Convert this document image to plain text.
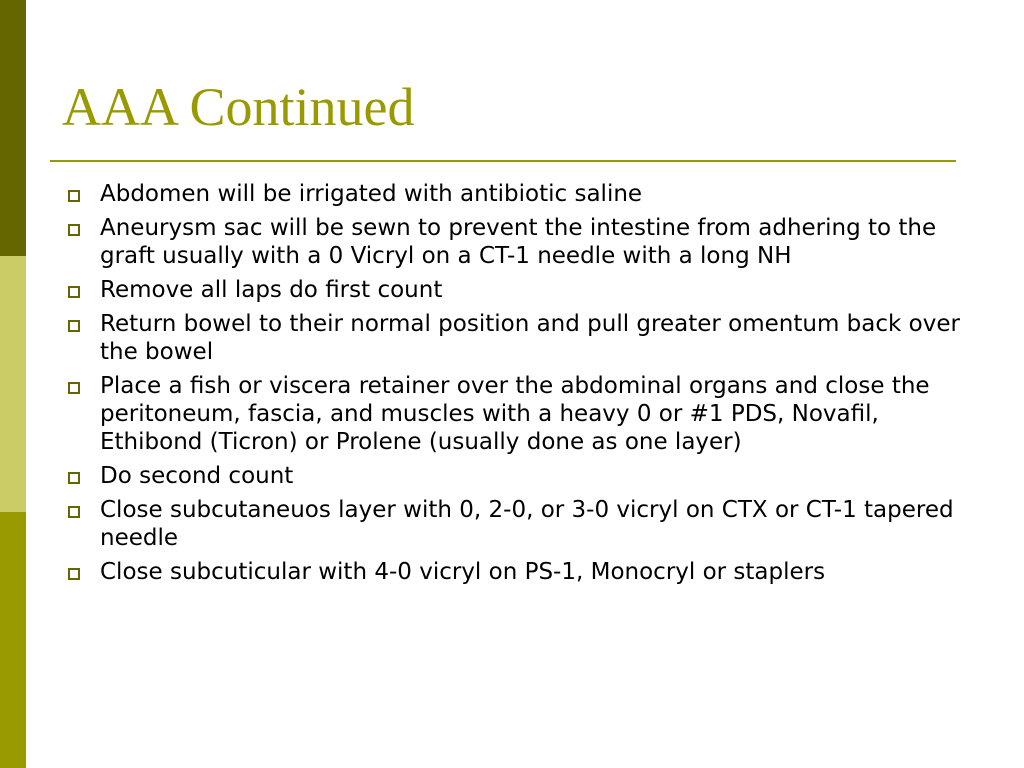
AAA Continued
Abdomen will be irrigated with antibiotic saline
Aneurysm sac will be sewn to prevent the intestine from adhering to the graft usually with a 0 Vicryl on a CT-1 needle with a long NH
Remove all laps do first count
Return bowel to their normal position and pull greater omentum back over the bowel
Place a fish or viscera retainer over the abdominal organs and close the peritoneum, fascia, and muscles with a heavy 0 or #1 PDS, Novafil, Ethibond (Ticron) or Prolene (usually done as one layer)
Do second count
Close subcutaneuos layer with 0, 2-0, or 3-0 vicryl on CTX or CT-1 tapered needle
Close subcuticular with 4-0 vicryl on PS-1, Monocryl or staplers
